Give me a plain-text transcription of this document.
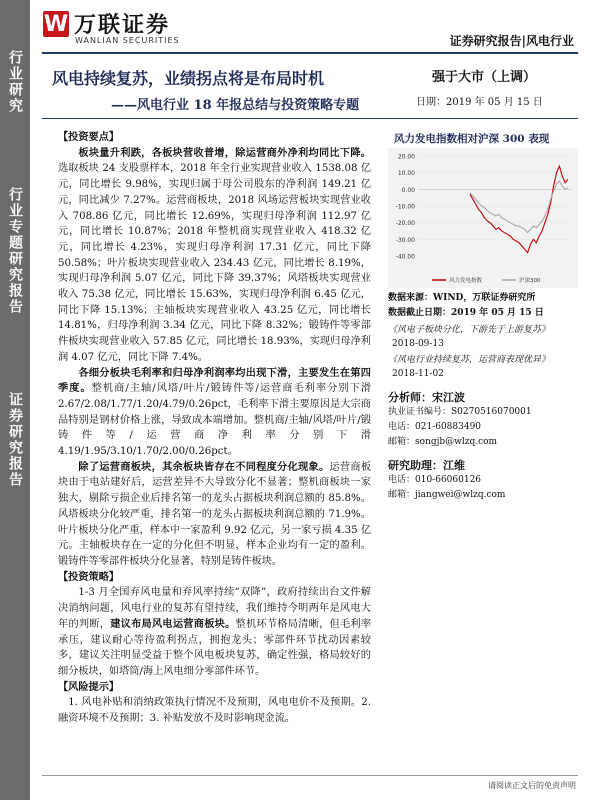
行业研究
行业专题研究报告
证券研究报告
W 万联证券
WANLIAN SECURITIES	证券研究报告|风电行业
风电持续复苏，业绩拐点将是布局时机
——风电行业 18 年报总结与投资策略专题
强于大市（上调）
日期：2019 年 05 月 15 日

【投资要点】

板块量升利跌，各板块营收普增，除运营商外净利均同比下降。选取板块 24 支股票样本，2018 年全行业实现营业收入 1538.08 亿元，同比增长 9.98%，实现归属于母公司股东的净利润 149.21 亿元，同比减少 7.27%。运营商板块，2018 风场运营板块实现营业收入 708.86 亿元，同比增长 12.69%，实现归母净利润 112.97 亿元，同比增长 10.87%；2018 年整机商实现营业收入 418.32 亿元，同比增长 4.23%，实现归母净利润 17.31 亿元，同比下降 50.58%；叶片板块实现营业收入 234.43 亿元，同比增长 8.19%，实现归母净利润 5.07 亿元，同比下降 39.37%；风塔板块实现营业收入 75.38 亿元，同比增长 15.63%，实现归母净利润 6.45 亿元，同比下降 15.13%；主轴板块实现营业收入 43.25 亿元，同比增长 14.81%，归母净利润 3.34 亿元，同比下降 8.32%；锻铸件等零部件板块实现营业收入 57.85 亿元，同比增长 18.93%，实现归母净利润 4.07 亿元，同比下降 7.4%。

各细分板块毛利率和归母净利润率均出现下滑，主要发生在第四季度。整机商/主轴/风塔/叶片/锻铸件等/运营商毛利率分别下滑 2.67/2.08/1.77/1.20/4.79/0.26pct，毛利率下滑主要原因是大宗商品特别是钢材价格上涨，导致成本端增加。整机商/主轴/风塔/叶片/锻铸件等/运营商净利率分别下滑 4.19/1.95/3.10/1.70/2.00/0.26pct。

除了运营商板块，其余板块皆存在不同程度分化现象。运营商板块由于电站建好后，运营差异不大导致分化不显著；整机商板块一家独大，剔除亏损企业后排名第一的龙头占据板块利润总额的 85.8%。风塔板块分化较严重，排名第一的龙头占据板块利润总额的 71.9%。叶片板块分化严重，样本中一家盈利 9.92 亿元，另一家亏损 4.35 亿元。主轴板块存在一定的分化但不明显，样本企业均有一定的盈利。锻铸件等零部件板块分化显著，特别是铸件板块。

【投资策略】

1-3 月全国弃风电量和弃风率持续“双降”，政府持续出台文件解决消纳问题，风电行业的复苏有望持续，我们维持今明两年是风电大年的判断，建议布局风电运营商板块。整机环节格局清晰，但毛利率承压，建议耐心等待盈利拐点，拥抱龙头；零部件环节扰动因素较多，建议关注明显受益于整个风电板块复苏，确定性强，格局较好的细分板块，如塔筒/海上风电细分零部件环节。

【风险提示】

1. 风电补贴和消纳政策执行情况不及预期，风电电价不及预期。2. 融资环境不及预期；3. 补贴发放不及时影响现金流。

20.00
10.00
0.00
-10.00
-20.00
-30.00
-40.00
风力发电指数	沪深300
风力发电指数相对沪深 300 表现
数据来源：WIND，万联证券研究所
数据截止日期：2019 年 05 月 15 日
《风电子板块分化，下游先于上游复苏》
2018-09-13
《风电行业持续复苏，运营商表现优异》
2018-11-02
分析师：宋江波
执业证书编号：S0270516070001
电话：021-60883490
邮箱：songjb@wlzq.com
研究助理：江维
电话：010-66060126
邮箱：jiangwei@wlzq.com
请阅读正文后的免责声明
